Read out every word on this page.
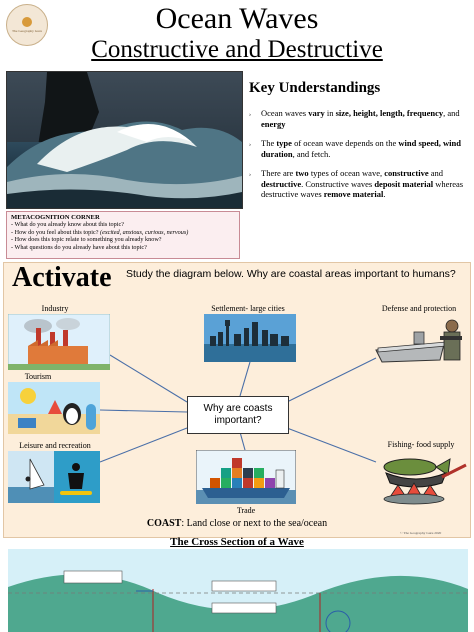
The Geography Guru	Ocean Waves
Constructive and Destructive
Key Understandings
›	Ocean waves vary in size, height, length, frequency, and energy
›	The type of ocean wave depends on the wind speed, wind duration, and fetch.
›	There are two types of ocean wave, constructive and destructive. Constructive waves deposit material whereas destructive waves remove material.
METACOGNITION CORNER
- What do you already know about this topic?
- How do you feel about this topic? (excited, anxious, curious, nervous)
- How does this topic relate to something you already know?
- What questions do you already have about this topic?
Activate Study the diagram below. Why are coastal areas important to humans?
Industry	Settlement- large cities	Defense and protection
Tourism
Leisure and recreation
Why are coasts
important?
Trade
Fishing- food supply
COAST: Land close or next to the sea/ocean
© The Geography Guru 2020
The Cross Section of a Wave
